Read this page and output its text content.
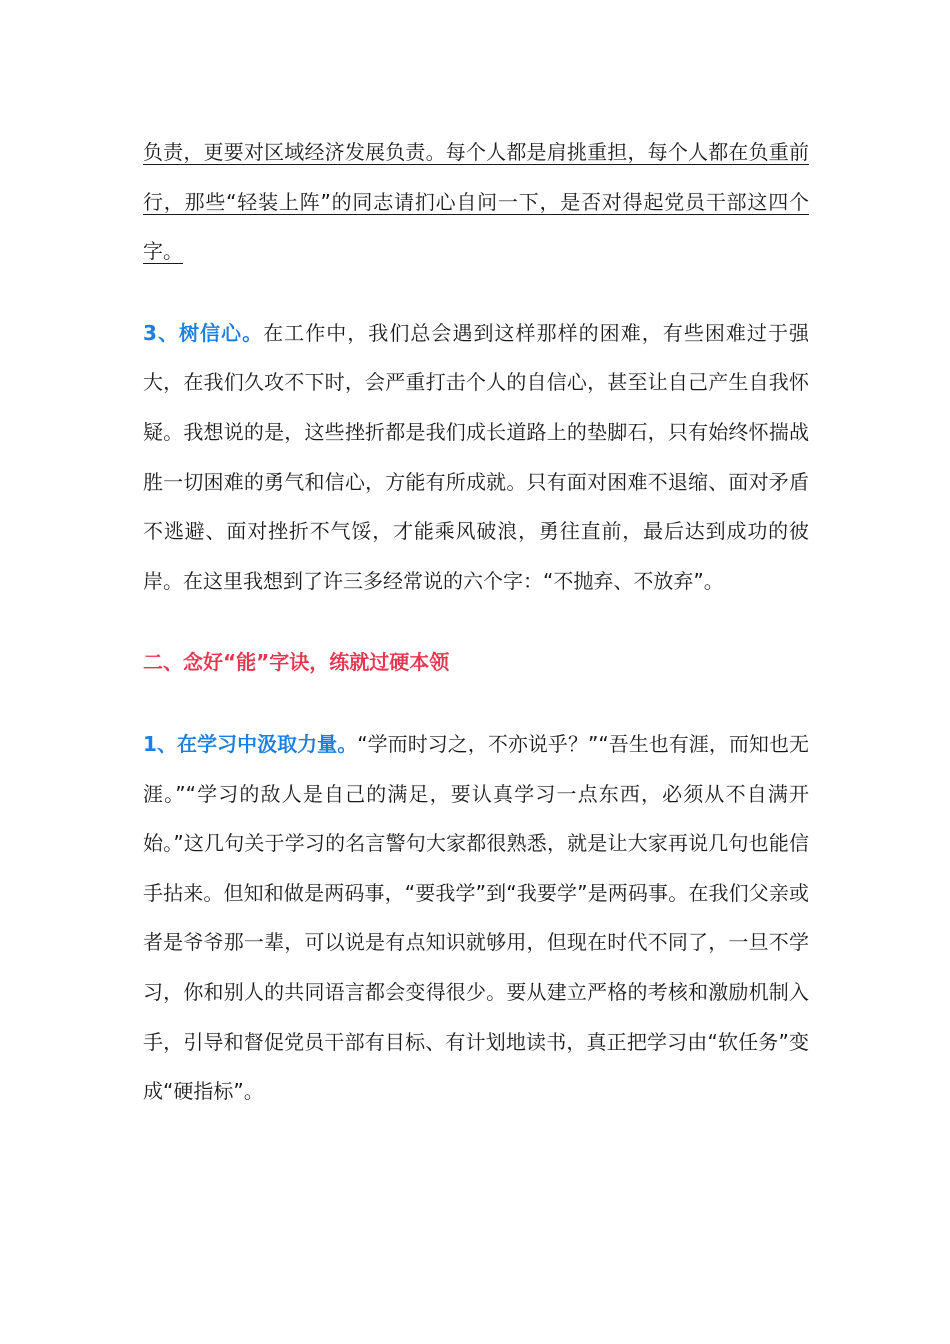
负责，更要对区域经济发展负责。每个人都是肩挑重担，每个人都在负重前行，那些“轻装上阵”的同志请扪心自问一下，是否对得起党员干部这四个字。

3、树信心。在工作中，我们总会遇到这样那样的困难，有些困难过于强大，在我们久攻不下时，会严重打击个人的自信心，甚至让自己产生自我怀疑。我想说的是，这些挫折都是我们成长道路上的垫脚石，只有始终怀揣战胜一切困难的勇气和信心，方能有所成就。只有面对困难不退缩、面对矛盾不逃避、面对挫折不气馁，才能乘风破浪，勇往直前，最后达到成功的彼岸。在这里我想到了许三多经常说的六个字：“不抛弃、不放弃”。

二、念好“能”字诀，练就过硬本领

1、在学习中汲取力量。“学而时习之，不亦说乎？”“吾生也有涯，而知也无涯。”“学习的敌人是自己的满足，要认真学习一点东西，必须从不自满开始。”这几句关于学习的名言警句大家都很熟悉，就是让大家再说几句也能信手拈来。但知和做是两码事，“要我学”到“我要学”是两码事。在我们父亲或者是爷爷那一辈，可以说是有点知识就够用，但现在时代不同了，一旦不学习，你和别人的共同语言都会变得很少。要从建立严格的考核和激励机制入手，引导和督促党员干部有目标、有计划地读书，真正把学习由“软任务”变成“硬指标”。
